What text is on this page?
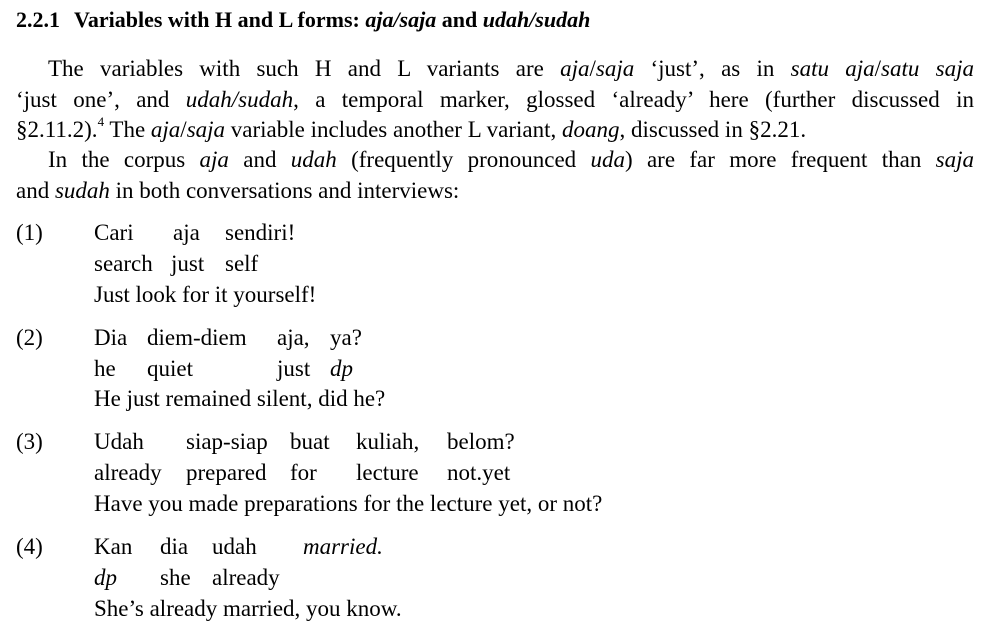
2.2.1 Variables with H and L forms: aja/saja and udah/sudah
The variables with such H and L variants are aja/saja ‘just’, as in satu aja/satu saja
‘just one’, and udah/sudah, a temporal marker, glossed ‘already’ here (further discussed in
§2.11.2).$^4$ The aja/saja variable includes another L variant, doang, discussed in §2.21.
In the corpus aja and udah (frequently pronounced uda) are far more frequent than saja
and sudah in both conversations and interviews:
(1) Cari aja sendiri!
search just self
Just look for it yourself!
(2) Dia diem-diem aja, ya?
he quiet	just dp
He just remained silent, did he?
(3) Udah siap-siap buat kuliah, belom?
already prepared for lecture not.yet
Have you made preparations for the lecture yet, or not?
(4) Kan dia udah married.
dp she already
She’s already married, you know.
